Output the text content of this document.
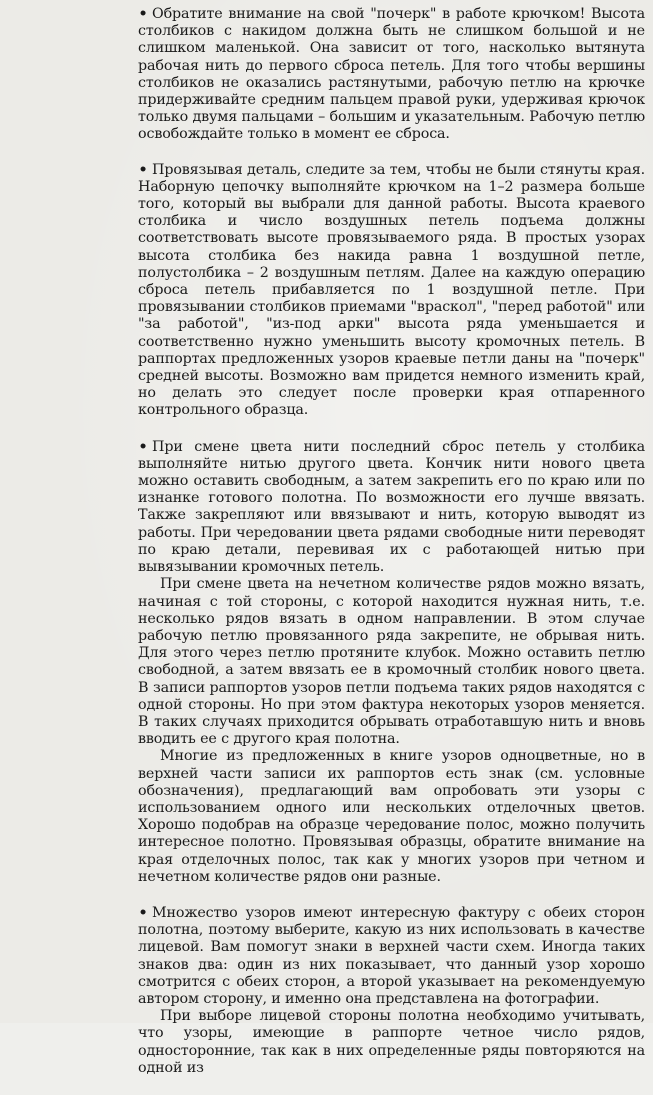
• Обратите внимание на свой "почерк" в работе крючком! Высота столбиков с накидом должна быть не слишком большой и не слишком маленькой. Она зависит от того, насколько вытянута рабочая нить до первого сброса петель. Для того чтобы вершины столбиков не оказались растянутыми, рабочую петлю на крючке придерживайте средним пальцем правой руки, удерживая крючок только двумя пальцами – большим и указательным. Рабочую петлю освобождайте только в момент ее сброса.

• Провязывая деталь, следите за тем, чтобы не были стянуты края. Наборную цепочку выполняйте крючком на 1–2 размера больше того, который вы выбрали для данной работы. Высота краевого столбика и число воздушных петель подъема должны соответствовать высоте провязываемого ряда. В простых узорах высота столбика без накида равна 1 воздушной петле, полустолбика – 2 воздушным петлям. Далее на каждую операцию сброса петель прибавляется по 1 воздушной петле. При провязывании столбиков приемами "враскол", "перед работой" или "за работой", "из-под арки" высота ряда уменьшается и соответственно нужно уменьшить высоту кромочных петель. В раппортах предложенных узоров краевые петли даны на "почерк" средней высоты. Возможно вам придется немного изменить край, но делать это следует после проверки края отпаренного контрольного образца.

• При смене цвета нити последний сброс петель у столбика выполняйте нитью другого цвета. Кончик нити нового цвета можно оставить свободным, а затем закрепить его по краю или по изнанке готового полотна. По возможности его лучше ввязать. Также закрепляют или ввязывают и нить, которую выводят из работы. При чередовании цвета рядами свободные нити переводят по краю детали, перевивая их с работающей нитью при вывязывании кромочных петель.

При смене цвета на нечетном количестве рядов можно вязать, начиная с той стороны, с которой находится нужная нить, т.е. несколько рядов вязать в одном направлении. В этом случае рабочую петлю провязанного ряда закрепите, не обрывая нить. Для этого через петлю протяните клубок. Можно оставить петлю свободной, а затем ввязать ее в кромочный столбик нового цвета. В записи раппортов узоров петли подъема таких рядов находятся с одной стороны. Но при этом фактура некоторых узоров меняется. В таких случаях приходится обрывать отработавшую нить и вновь вводить ее с другого края полотна.

Многие из предложенных в книге узоров одноцветные, но в верхней части записи их раппортов есть знак (см. условные обозначения), предлагающий вам опробовать эти узоры с использованием одного или нескольких отделочных цветов. Хорошо подобрав на образце чередование полос, можно получить интересное полотно. Провязывая образцы, обратите внимание на края отделочных полос, так как у многих узоров при четном и нечетном количестве рядов они разные.

• Множество узоров имеют интересную фактуру с обеих сторон полотна, поэтому выберите, какую из них использовать в качестве лицевой. Вам помогут знаки в верхней части схем. Иногда таких знаков два: один из них показывает, что данный узор хорошо смотрится с обеих сторон, а второй указывает на рекомендуемую автором сторону, и именно она представлена на фотографии.

При выборе лицевой стороны полотна необходимо учитывать, что узоры, имеющие в раппорте четное число рядов, односторонние, так как в них определенные ряды повторяются на одной из
